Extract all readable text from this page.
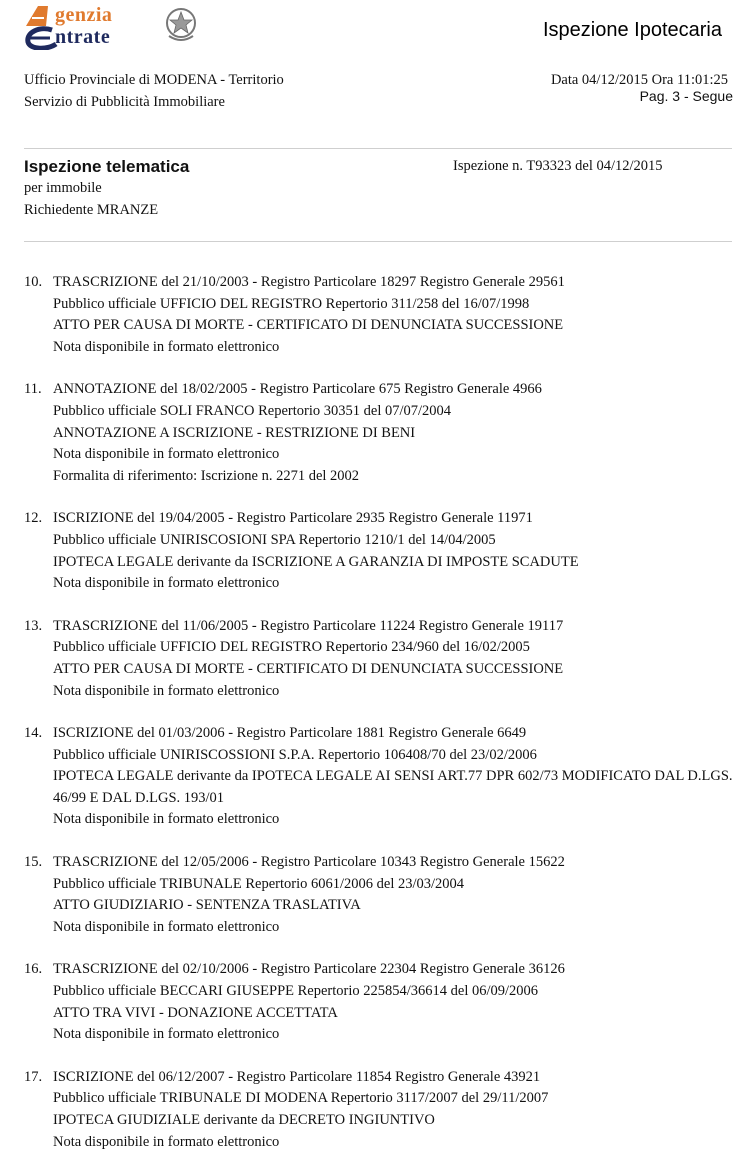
genzia
ntrate	Ispezione Ipotecaria
Ufficio Provinciale di MODENA - Territorio
Servizio di Pubblicità Immobiliare
Data 04/12/2015 Ora 11:01:25
Pag. 3 - Segue
Ispezione telematica
per immobile
Richiedente MRANZE
Ispezione n. T93323 del 04/12/2015
10. TRASCRIZIONE del 21/10/2003 - Registro Particolare 18297 Registro Generale 29561
Pubblico ufficiale UFFICIO DEL REGISTRO Repertorio 311/258 del 16/07/1998
ATTO PER CAUSA DI MORTE - CERTIFICATO DI DENUNCIATA SUCCESSIONE
Nota disponibile in formato elettronico
11. ANNOTAZIONE del 18/02/2005 - Registro Particolare 675 Registro Generale 4966
Pubblico ufficiale SOLI FRANCO Repertorio 30351 del 07/07/2004
ANNOTAZIONE A ISCRIZIONE - RESTRIZIONE DI BENI
Nota disponibile in formato elettronico
Formalita di riferimento: Iscrizione n. 2271 del 2002
12. ISCRIZIONE del 19/04/2005 - Registro Particolare 2935 Registro Generale 11971
Pubblico ufficiale UNIRISCOSIONI SPA Repertorio 1210/1 del 14/04/2005
IPOTECA LEGALE derivante da ISCRIZIONE A GARANZIA DI IMPOSTE SCADUTE
Nota disponibile in formato elettronico
13. TRASCRIZIONE del 11/06/2005 - Registro Particolare 11224 Registro Generale 19117
Pubblico ufficiale UFFICIO DEL REGISTRO Repertorio 234/960 del 16/02/2005
ATTO PER CAUSA DI MORTE - CERTIFICATO DI DENUNCIATA SUCCESSIONE
Nota disponibile in formato elettronico
14. ISCRIZIONE del 01/03/2006 - Registro Particolare 1881 Registro Generale 6649
Pubblico ufficiale UNIRISCOSSIONI S.P.A. Repertorio 106408/70 del 23/02/2006
IPOTECA LEGALE derivante da IPOTECA LEGALE AI SENSI ART.77 DPR 602/73 MODIFICATO DAL D.LGS.
46/99 E DAL D.LGS. 193/01
Nota disponibile in formato elettronico
15. TRASCRIZIONE del 12/05/2006 - Registro Particolare 10343 Registro Generale 15622
Pubblico ufficiale TRIBUNALE Repertorio 6061/2006 del 23/03/2004
ATTO GIUDIZIARIO - SENTENZA TRASLATIVA
Nota disponibile in formato elettronico
16. TRASCRIZIONE del 02/10/2006 - Registro Particolare 22304 Registro Generale 36126
Pubblico ufficiale BECCARI GIUSEPPE Repertorio 225854/36614 del 06/09/2006
ATTO TRA VIVI - DONAZIONE ACCETTATA
Nota disponibile in formato elettronico
17. ISCRIZIONE del 06/12/2007 - Registro Particolare 11854 Registro Generale 43921
Pubblico ufficiale TRIBUNALE DI MODENA Repertorio 3117/2007 del 29/11/2007
IPOTECA GIUDIZIALE derivante da DECRETO INGIUNTIVO
Nota disponibile in formato elettronico
